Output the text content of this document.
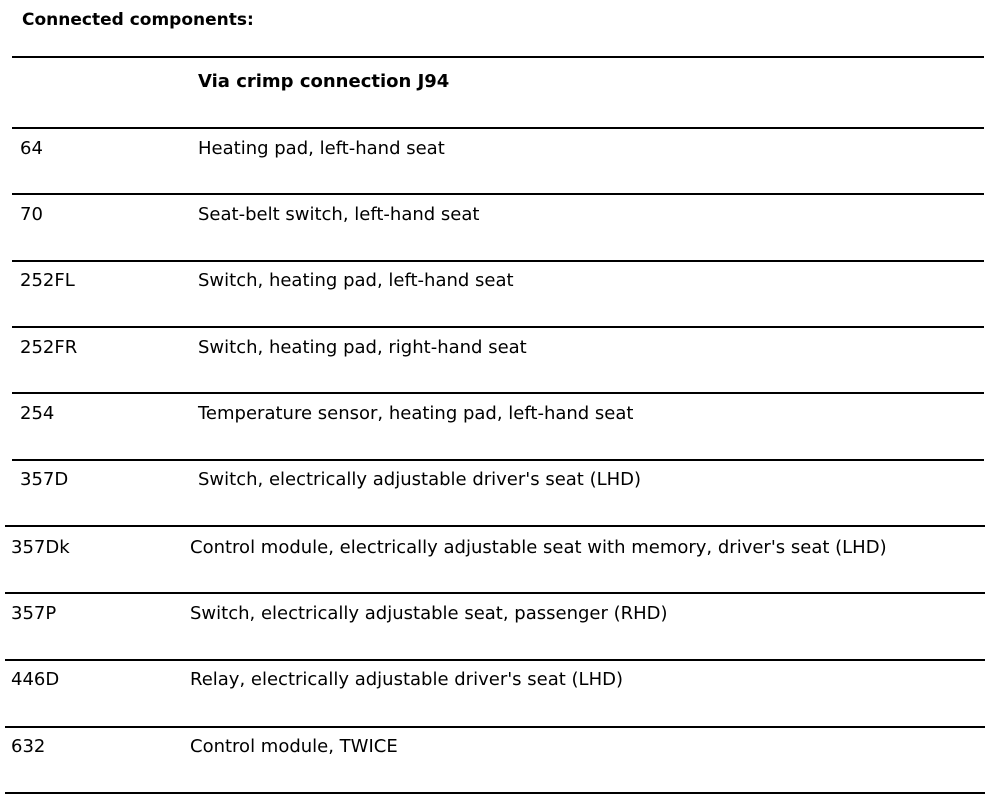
Connected components:
Via crimp connection J94
64	Heating pad, left-hand seat
70	Seat-belt switch, left-hand seat
252FL	Switch, heating pad, left-hand seat
252FR	Switch, heating pad, right-hand seat
254	Temperature sensor, heating pad, left-hand seat
357D	Switch, electrically adjustable driver's seat (LHD)
357Dk	Control module, electrically adjustable seat with memory, driver's seat (LHD)
357P	Switch, electrically adjustable seat, passenger (RHD)
446D	Relay, electrically adjustable driver's seat (LHD)
632	Control module, TWICE
